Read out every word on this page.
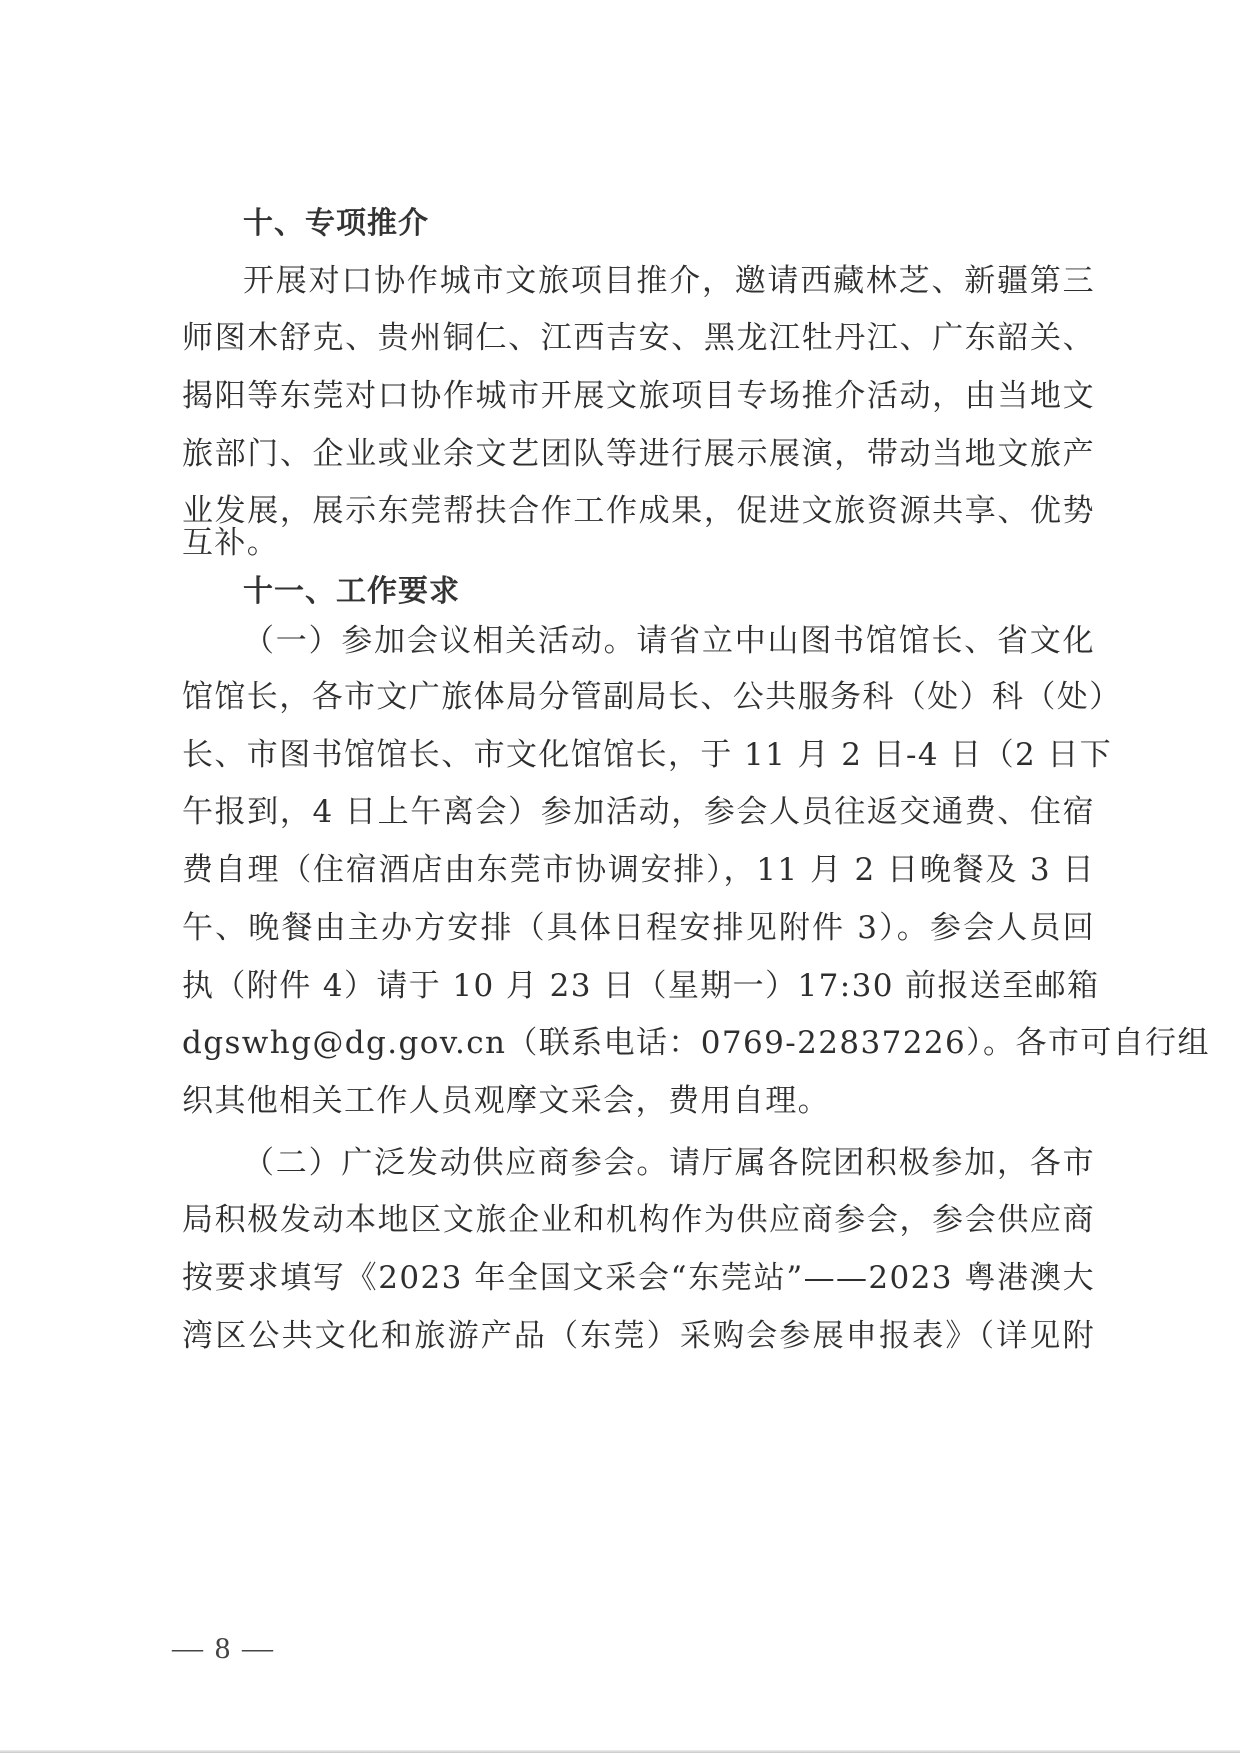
十、专项推介
开展对口协作城市文旅项目推介，邀请西藏林芝、新疆第三
师图木舒克、贵州铜仁、江西吉安、黑龙江牡丹江、广东韶关、
揭阳等东莞对口协作城市开展文旅项目专场推介活动，由当地文
旅部门、企业或业余文艺团队等进行展示展演，带动当地文旅产
业发展，展示东莞帮扶合作工作成果，促进文旅资源共享、优势
互补。
十一、工作要求
（一）参加会议相关活动。请省立中山图书馆馆长、省文化
馆馆长，各市文广旅体局分管副局长、公共服务科（处）科（处）
长、市图书馆馆长、市文化馆馆长，于 11 月 2 日-4 日（2 日下
午报到，4 日上午离会）参加活动，参会人员往返交通费、住宿
费自理（住宿酒店由东莞市协调安排），11 月 2 日晚餐及 3 日
午、晚餐由主办方安排（具体日程安排见附件 3）。参会人员回
执（附件 4）请于 10 月 23 日（星期一）17:30 前报送至邮箱
dgswhg@dg.gov.cn（联系电话：0769-22837226）。各市可自行组
织其他相关工作人员观摩文采会，费用自理。
（二）广泛发动供应商参会。请厅属各院团积极参加，各市
局积极发动本地区文旅企业和机构作为供应商参会，参会供应商
按要求填写《2023 年全国文采会“东莞站”——2023 粤港澳大
湾区公共文化和旅游产品（东莞）采购会参展申报表》（详见附
— 8 —
